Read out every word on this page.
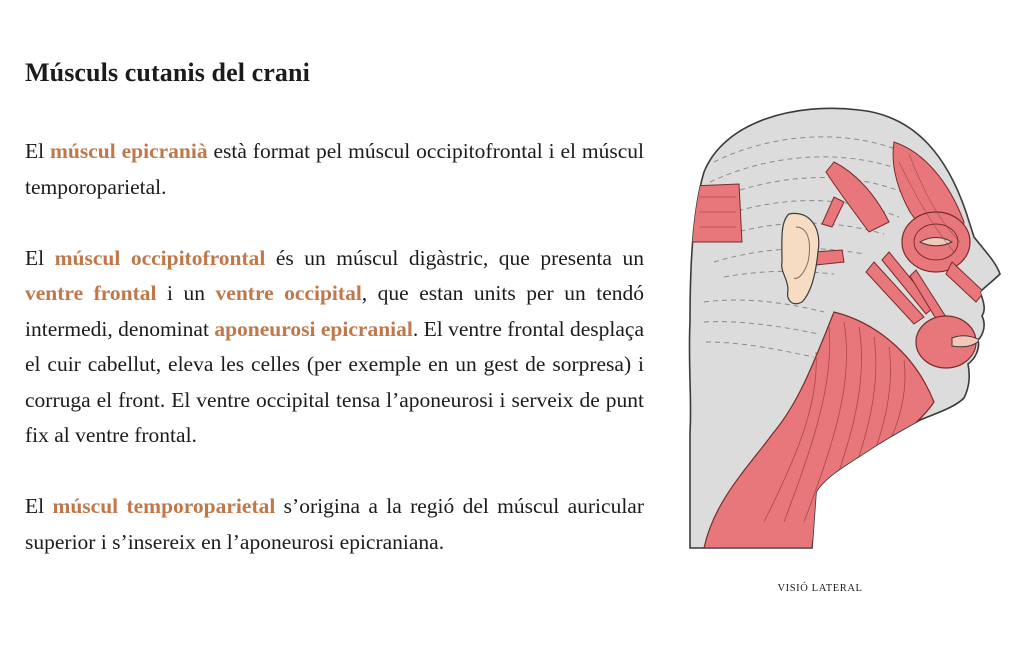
Músculs cutanis del crani

El múscul epicranià està format pel múscul occipitofrontal i el múscul temporoparietal.

El múscul occipitofrontal és un múscul digàstric, que presenta un ventre frontal i un ventre occipital, que estan units per un tendó intermedi, denominat aponeurosi epicranial. El ventre frontal desplaça el cuir cabellut, eleva les celles (per exemple en un gest de sorpresa) i corruga el front. El ventre occipital tensa l’aponeurosi i serveix de punt fix al ventre frontal.

El múscul temporoparietal s’origina a la regió del múscul auricular superior i s’insereix en l’aponeurosi epicraniana.

VISIÓ LATERAL
